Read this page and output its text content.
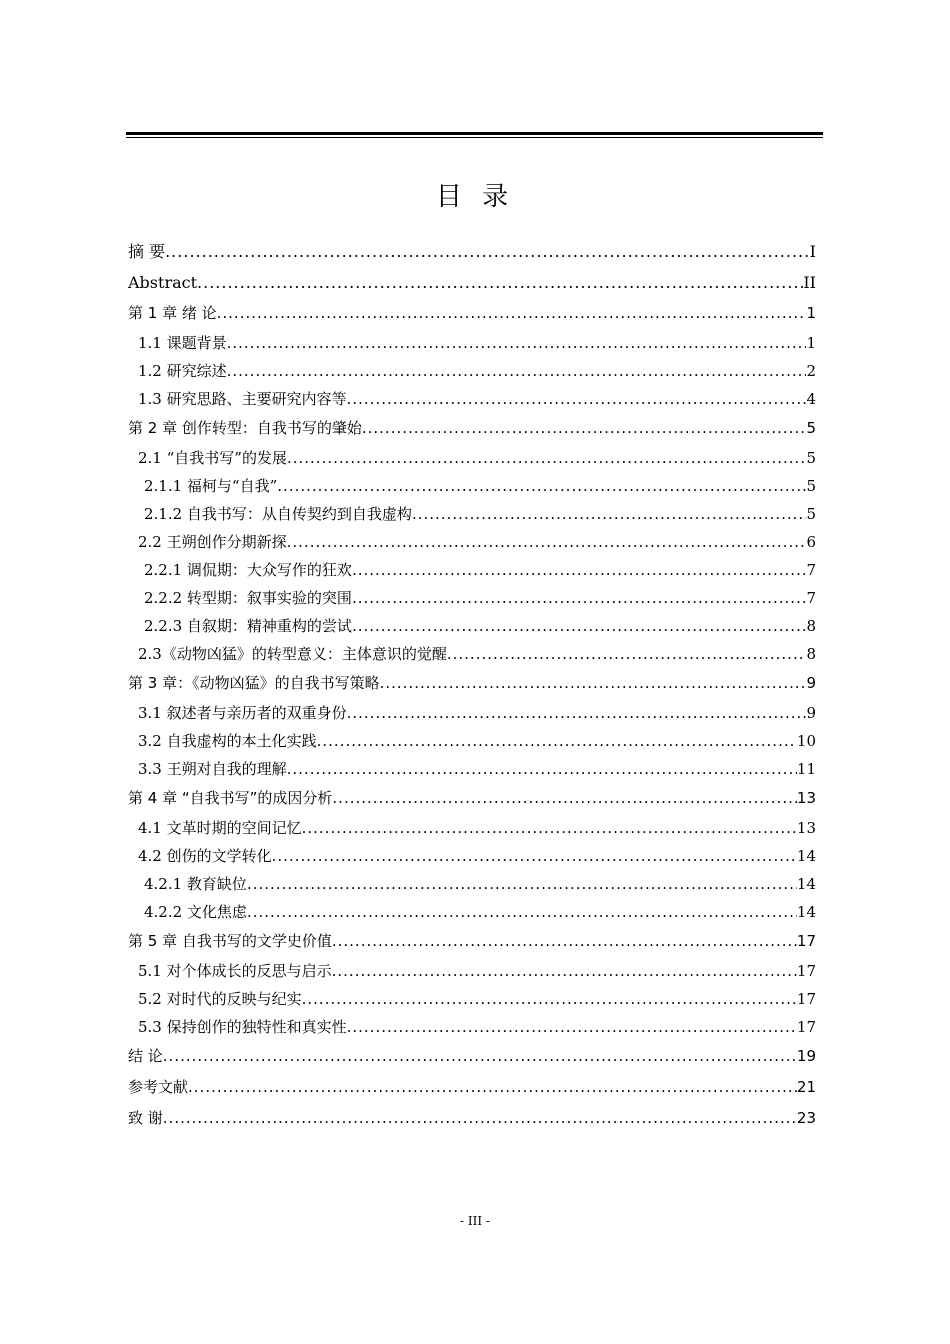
目 录
摘 要 .....	I
Abstract .....	II
第 1 章 绪 论 .....	1
1.1 课题背景 .....	1
1.2 研究综述 .....	2
1.3 研究思路、主要研究内容等 .....	4
第 2 章 创作转型：自我书写的肇始 .....	5
2.1 “自我书写”的发展 .....	5
2.1.1 福柯与“自我” .....	5
2.1.2 自我书写：从自传契约到自我虚构 .....	5
2.2 王朔创作分期新探 .....	6
2.2.1 调侃期：大众写作的狂欢 .....	7
2.2.2 转型期：叙事实验的突围 .....	7
2.2.3 自叙期：精神重构的尝试 .....	8
2.3《动物凶猛》的转型意义：主体意识的觉醒 .....	8
第 3 章：《动物凶猛》的自我书写策略 .....	9
3.1 叙述者与亲历者的双重身份 .....	9
3.2 自我虚构的本土化实践 .....	10
3.3 王朔对自我的理解 .....	11
第 4 章 “自我书写”的成因分析 .....	13
4.1 文革时期的空间记忆 .....	13
4.2 创伤的文学转化 .....	14
4.2.1 教育缺位 .....	14
4.2.2 文化焦虑 .....	14
第 5 章 自我书写的文学史价值 .....	17
5.1 对个体成长的反思与启示 .....	17
5.2 对时代的反映与纪实 .....	17
5.3 保持创作的独特性和真实性 .....	17
结 论 .....	19
参考文献 .....	21
致 谢 .....	23
- III -
